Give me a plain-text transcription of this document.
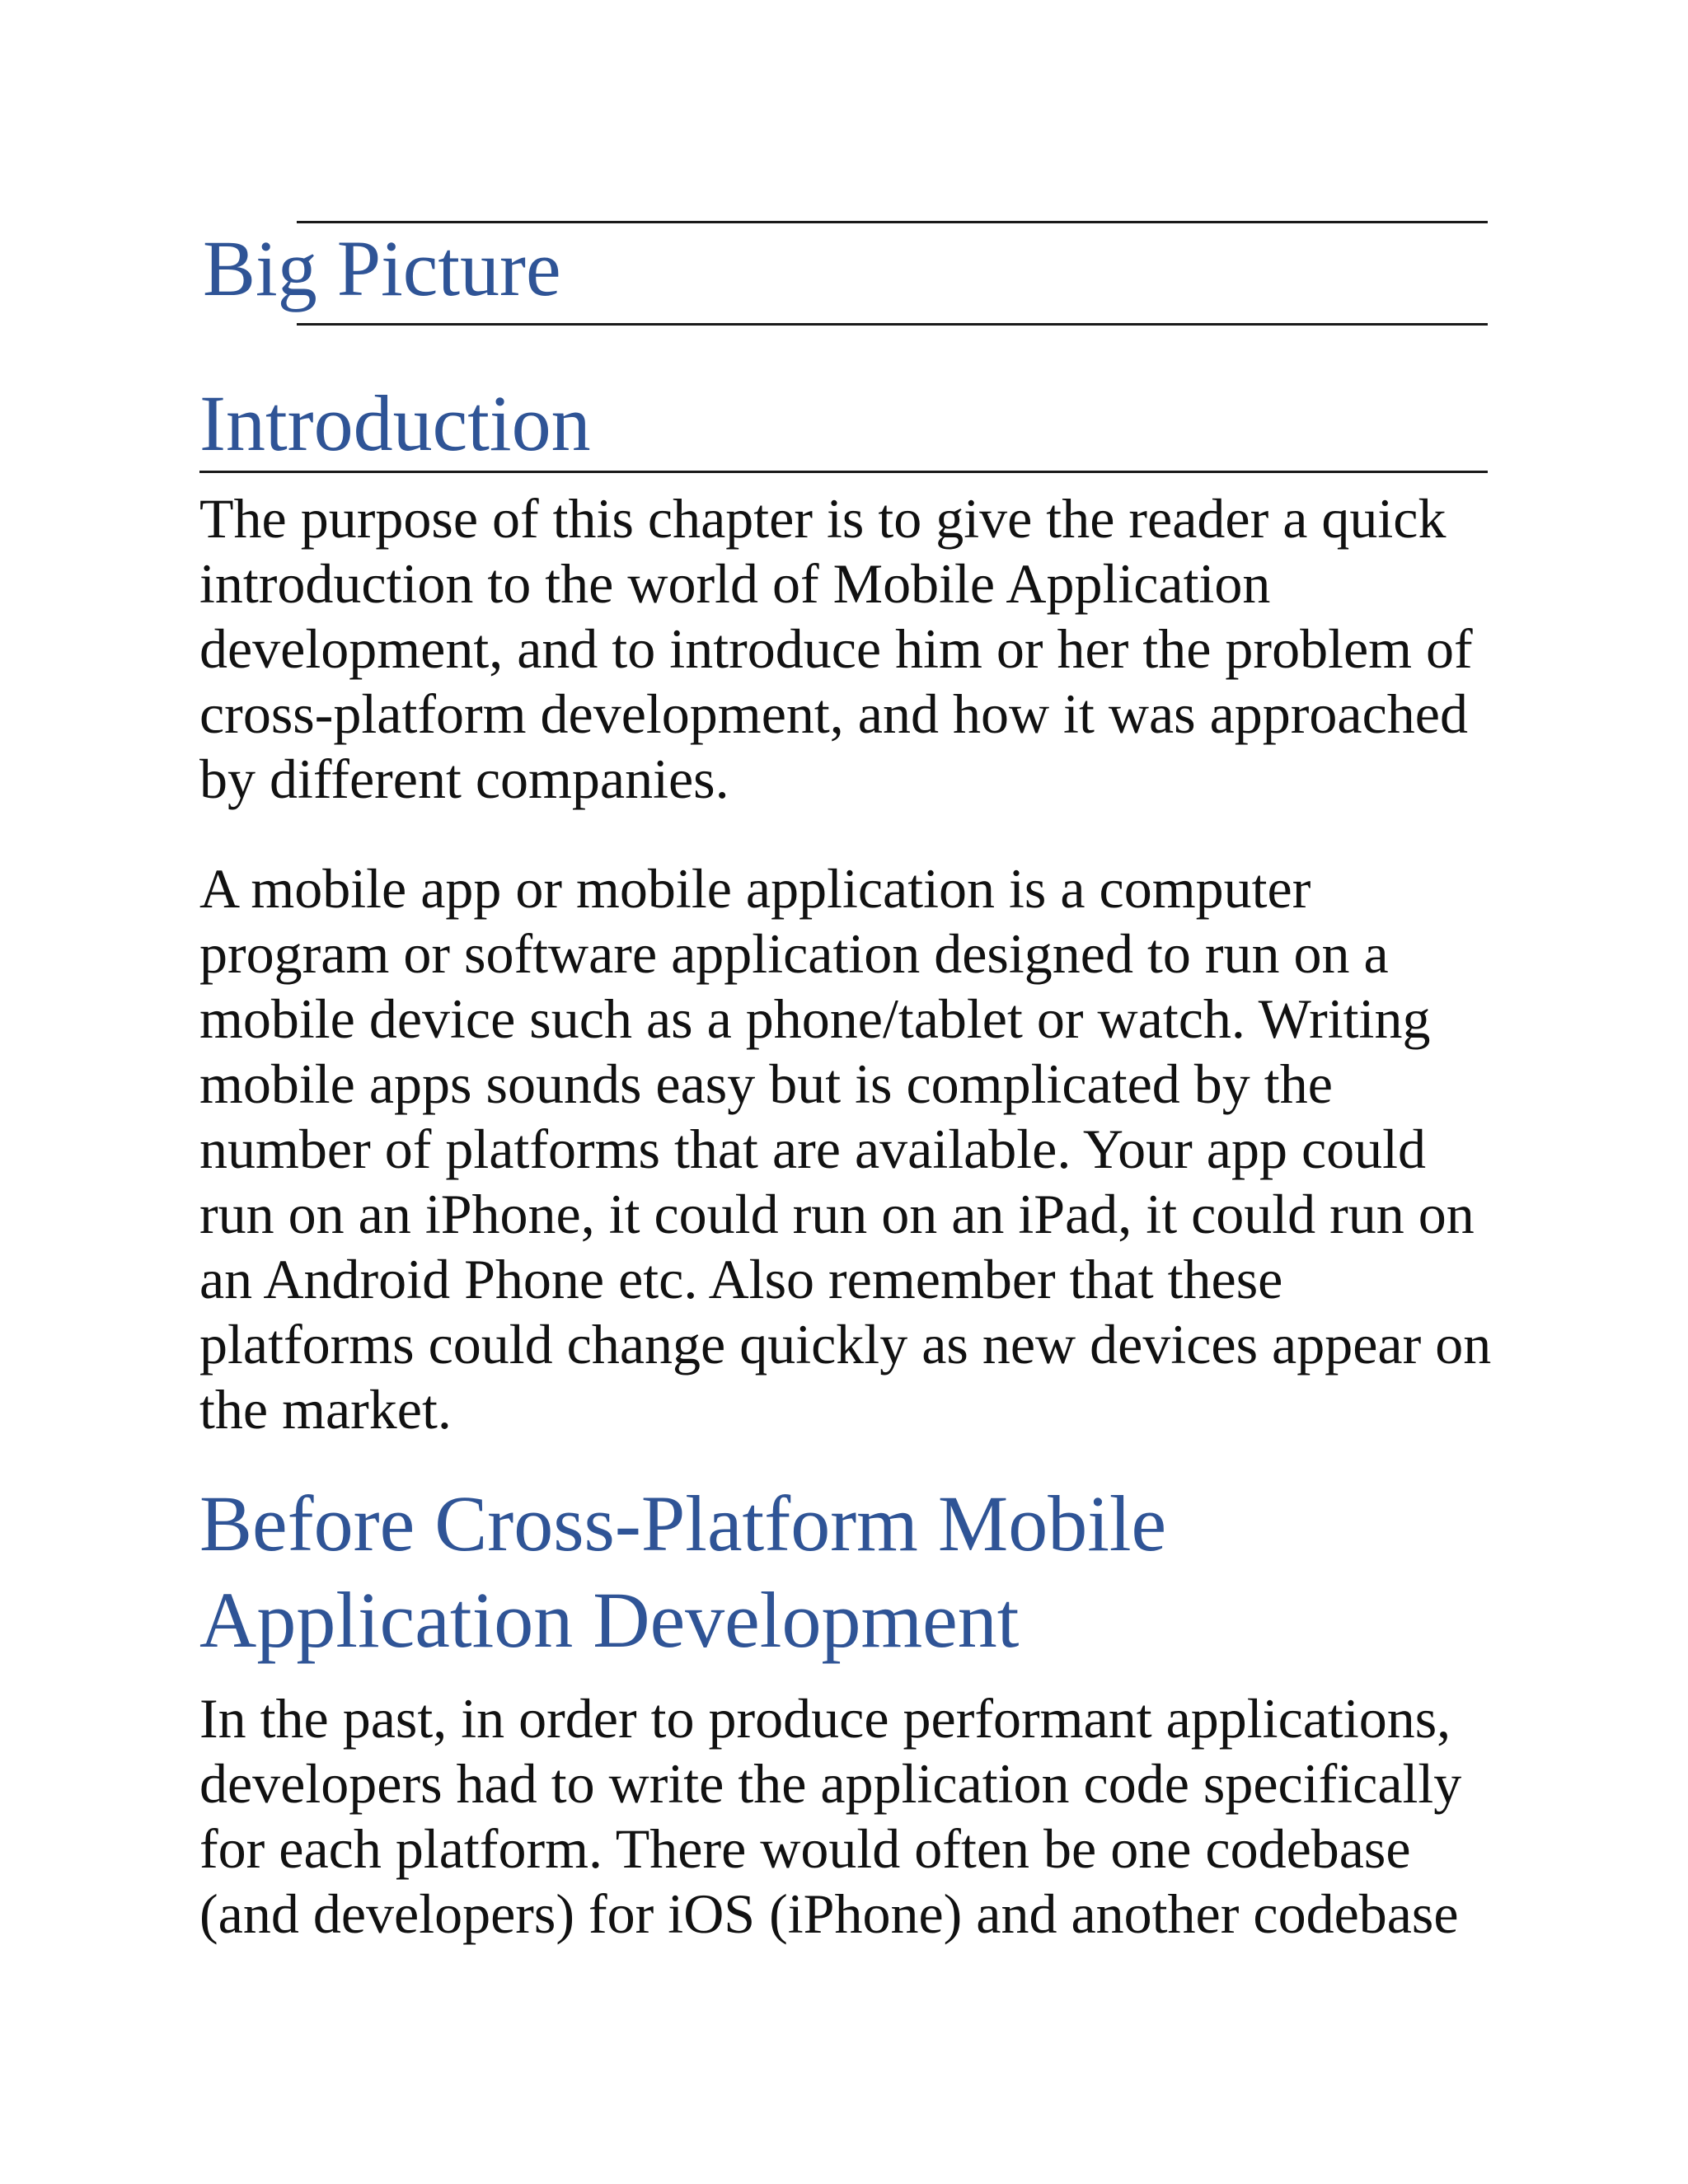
Big Picture
Introduction

The purpose of this chapter is to give the reader a quick
introduction to the world of Mobile Application
development, and to introduce him or her the problem of
cross-platform development, and how it was approached
by different companies.

A mobile app or mobile application is a computer
program or software application designed to run on a
mobile device such as a phone/tablet or watch. Writing
mobile apps sounds easy but is complicated by the
number of platforms that are available. Your app could
run on an iPhone, it could run on an iPad, it could run on
an Android Phone etc. Also remember that these
platforms could change quickly as new devices appear on
the market.

Before Cross-Platform Mobile
Application Development

In the past, in order to produce performant applications,
developers had to write the application code specifically
for each platform. There would often be one codebase
(and developers) for iOS (iPhone) and another codebase
